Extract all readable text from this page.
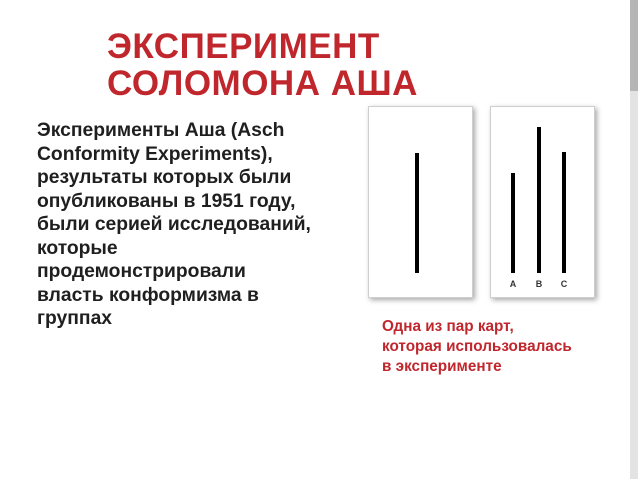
ЭКСПЕРИМЕНТ
СОЛОМОНА АША
Эксперименты Аша (Asch
Conformity Experiments),
результаты которых были
опубликованы в 1951 году,
были серией исследований,
которые
продемонстрировали
власть конформизма в
группах
A	B	C
Одна из пар карт,
которая использовалась
в эксперименте
